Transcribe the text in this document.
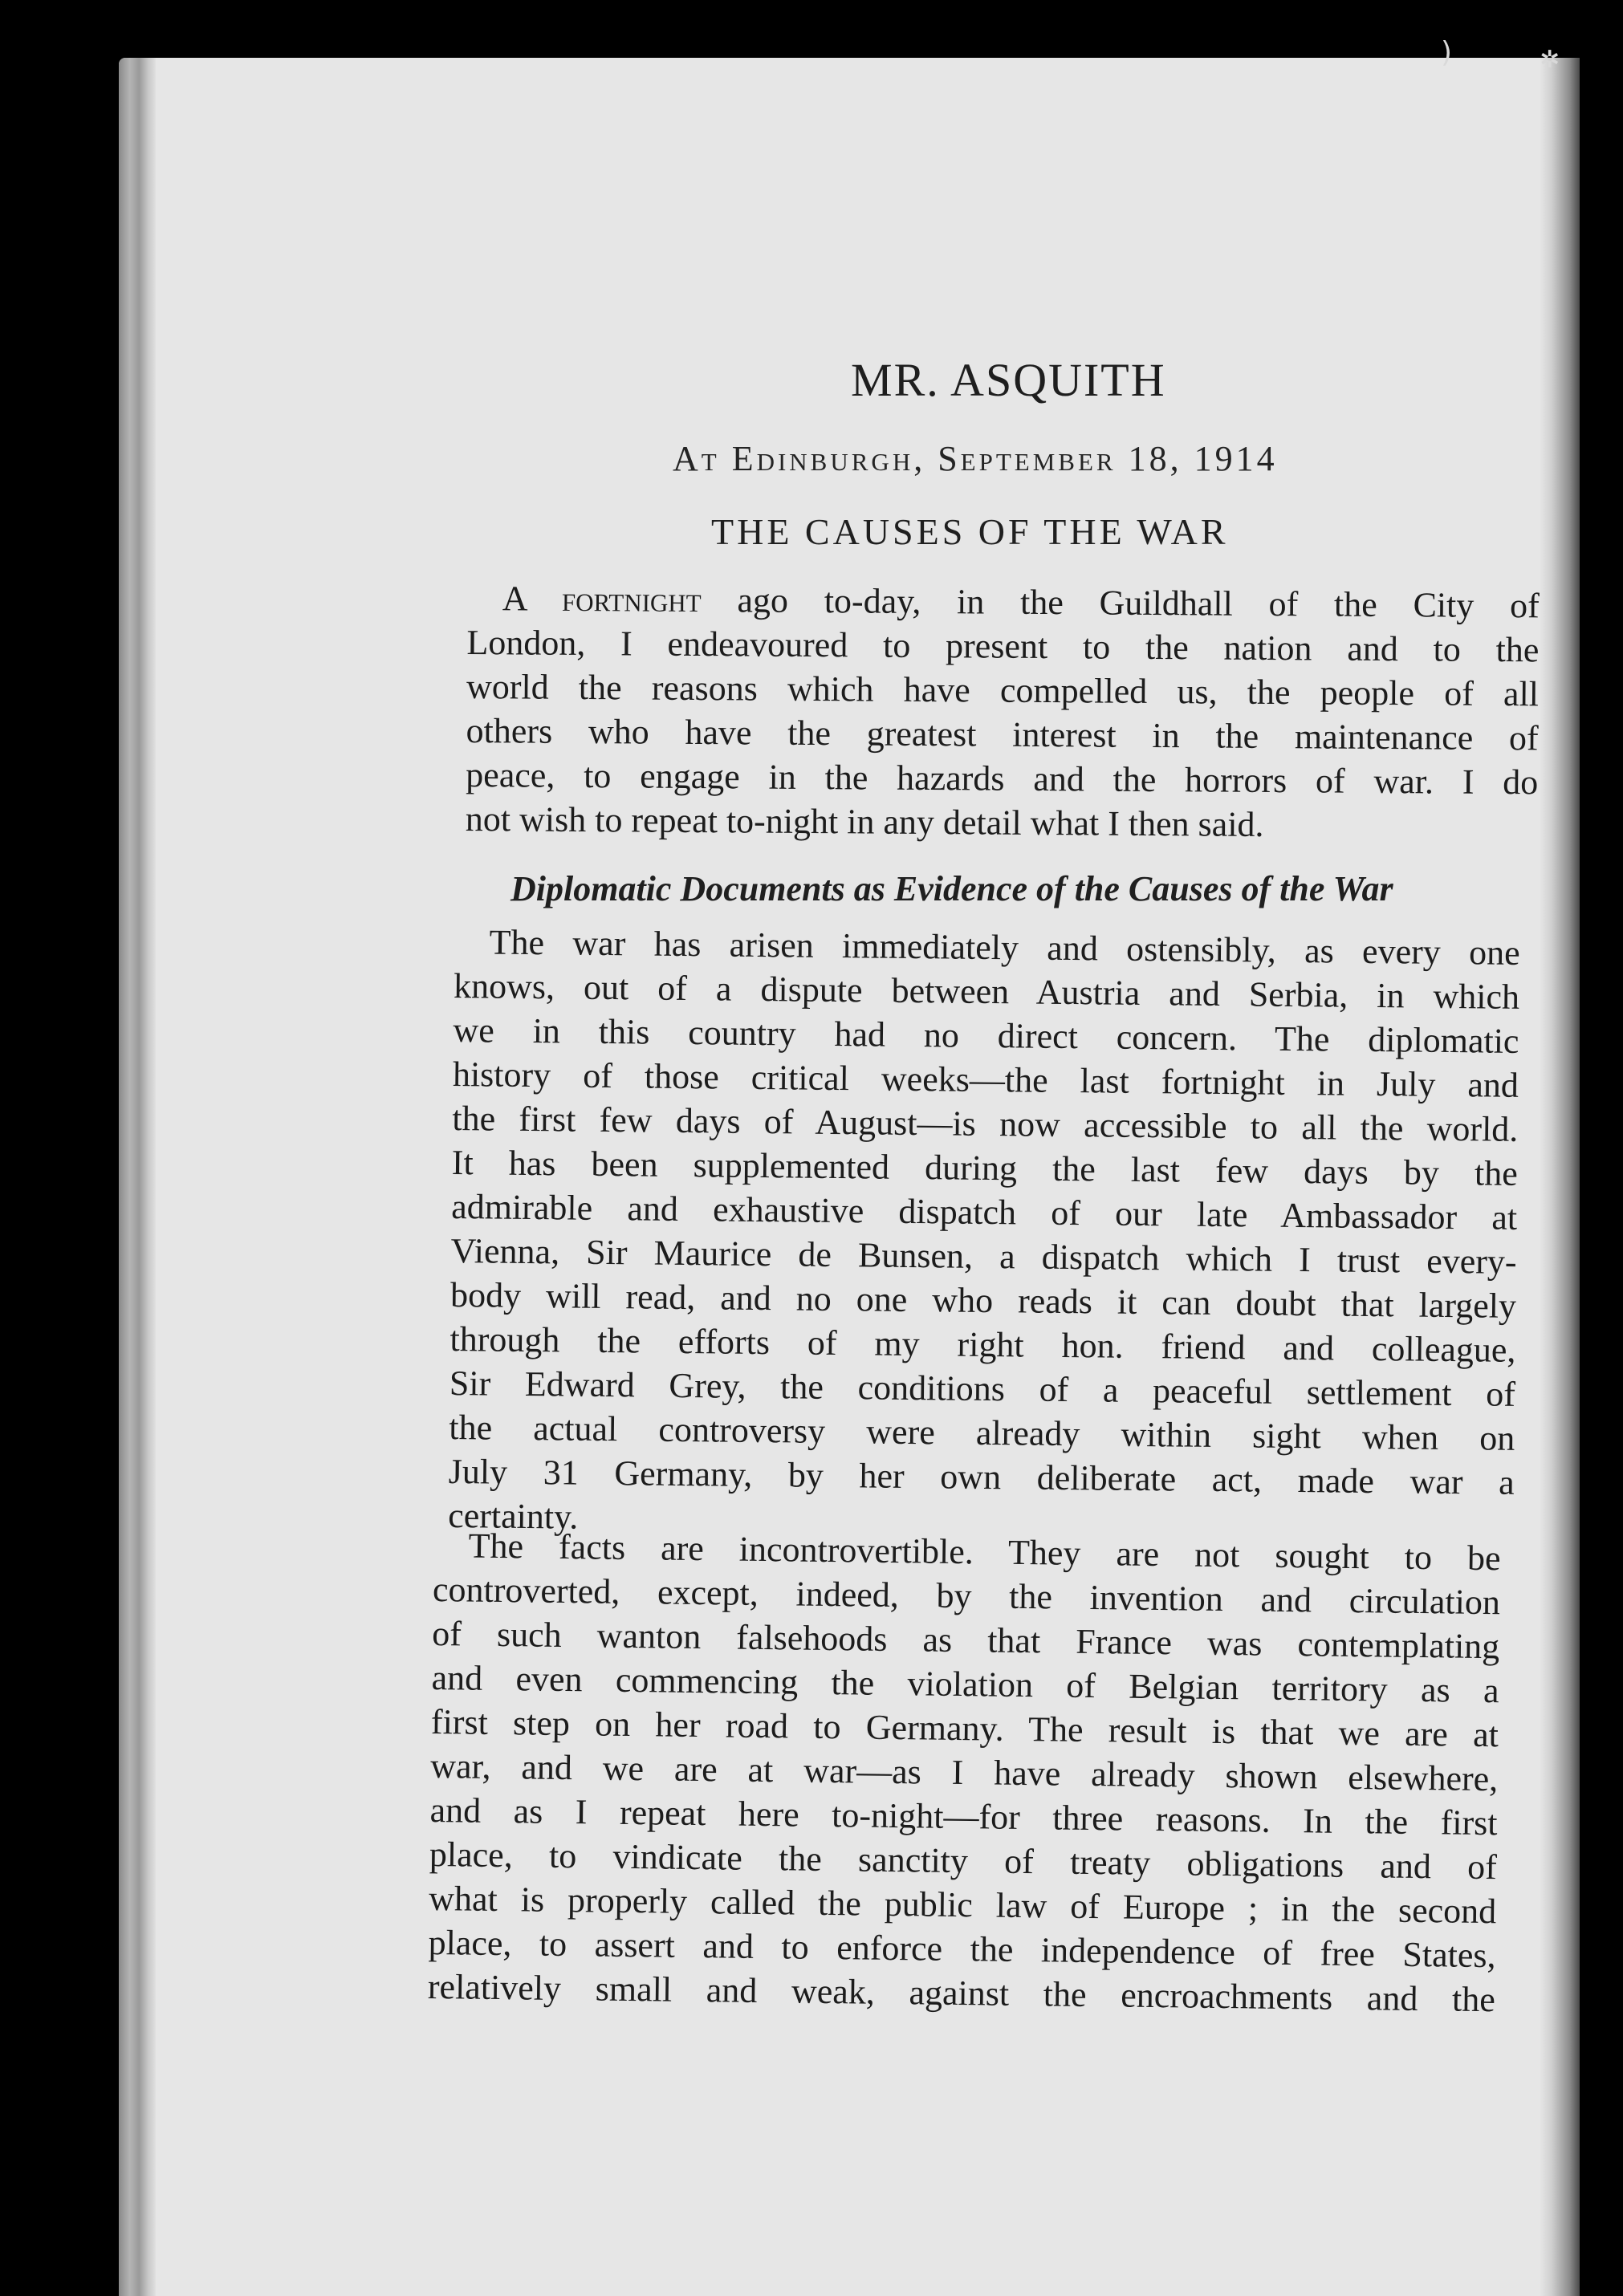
)	✲
MR. ASQUITH
At Edinburgh, September 18, 1914
THE CAUSES OF THE WAR
A fortnight ago to-day, in the Guildhall of the City of
London, I endeavoured to present to the nation and to the
world the reasons which have compelled us, the people of all
others who have the greatest interest in the maintenance of
peace, to engage in the hazards and the horrors of war. I do
not wish to repeat to-night in any detail what I then said.
Diplomatic Documents as Evidence of the Causes of the War
The war has arisen immediately and ostensibly, as every one
knows, out of a dispute between Austria and Serbia, in which
we in this country had no direct concern. The diplomatic
history of those critical weeks—the last fortnight in July and
the first few days of August—is now accessible to all the world.
It has been supplemented during the last few days by the
admirable and exhaustive dispatch of our late Ambassador at
Vienna, Sir Maurice de Bunsen, a dispatch which I trust every-
body will read, and no one who reads it can doubt that largely
through the efforts of my right hon. friend and colleague,
Sir Edward Grey, the conditions of a peaceful settlement of
the actual controversy were already within sight when on
July 31 Germany, by her own deliberate act, made war a
certainty.
The facts are incontrovertible. They are not sought to be
controverted, except, indeed, by the invention and circulation
of such wanton falsehoods as that France was contemplating
and even commencing the violation of Belgian territory as a
first step on her road to Germany. The result is that we are at
war, and we are at war—as I have already shown elsewhere,
and as I repeat here to-night—for three reasons. In the first
place, to vindicate the sanctity of treaty obligations and of
what is properly called the public law of Europe ; in the second
place, to assert and to enforce the independence of free States,
relatively small and weak, against the encroachments and the
